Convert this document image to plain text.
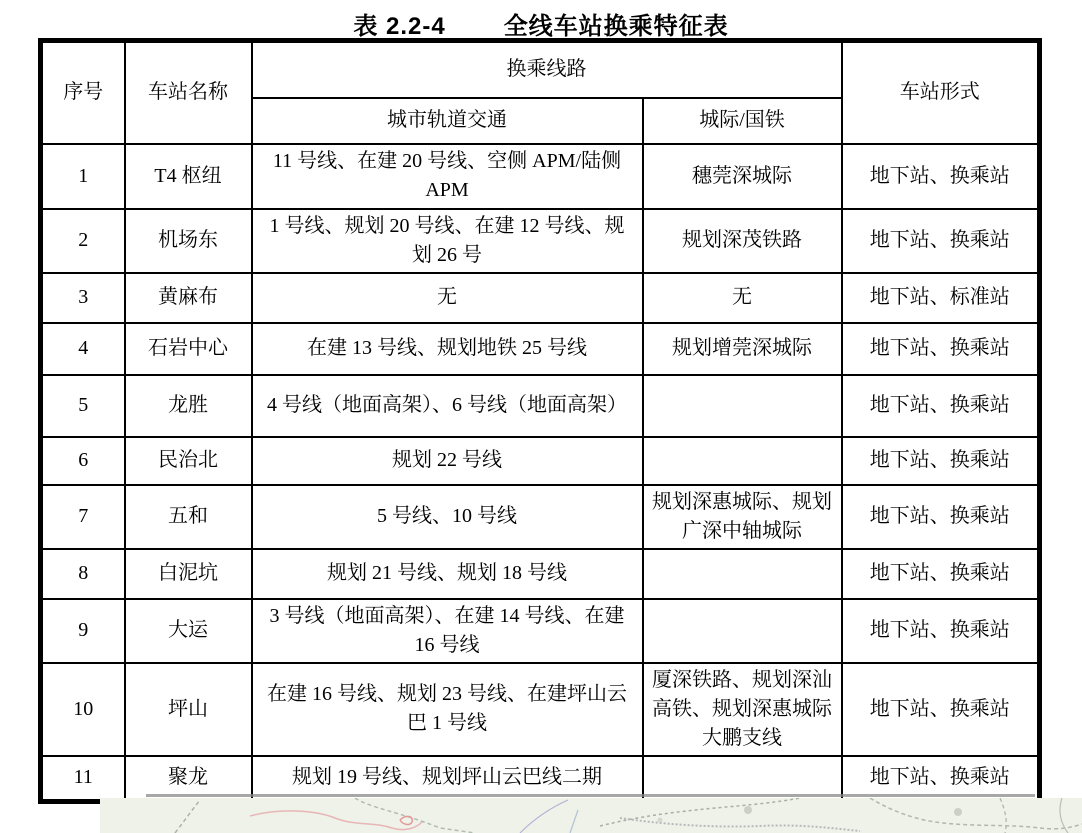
表 2.2-4 全线车站换乘特征表
序号	车站名称	换乘线路		车站形式
		城市轨道交通	城际/国铁	
1	T4 枢纽	11 号线、在建 20 号线、空侧 APM/陆侧 APM	穗莞深城际	地下站、换乘站
2	机场东	1 号线、规划 20 号线、在建 12 号线、规划 26 号	规划深茂铁路	地下站、换乘站
3	黄麻布	无	无	地下站、标准站
4	石岩中心	在建 13 号线、规划地铁 25 号线	规划增莞深城际	地下站、换乘站
5	龙胜	4 号线（地面高架）、6 号线（地面高架）		地下站、换乘站
6	民治北	规划 22 号线		地下站、换乘站
7	五和	5 号线、10 号线	规划深惠城际、规划广深中轴城际	地下站、换乘站
8	白泥坑	规划 21 号线、规划 18 号线		地下站、换乘站
9	大运	3 号线（地面高架）、在建 14 号线、在建 16 号线		地下站、换乘站
10	坪山	在建 16 号线、规划 23 号线、在建坪山云巴 1 号线	厦深铁路、规划深汕高铁、规划深惠城际大鹏支线	地下站、换乘站
11	聚龙	规划 19 号线、规划坪山云巴线二期		地下站、换乘站
